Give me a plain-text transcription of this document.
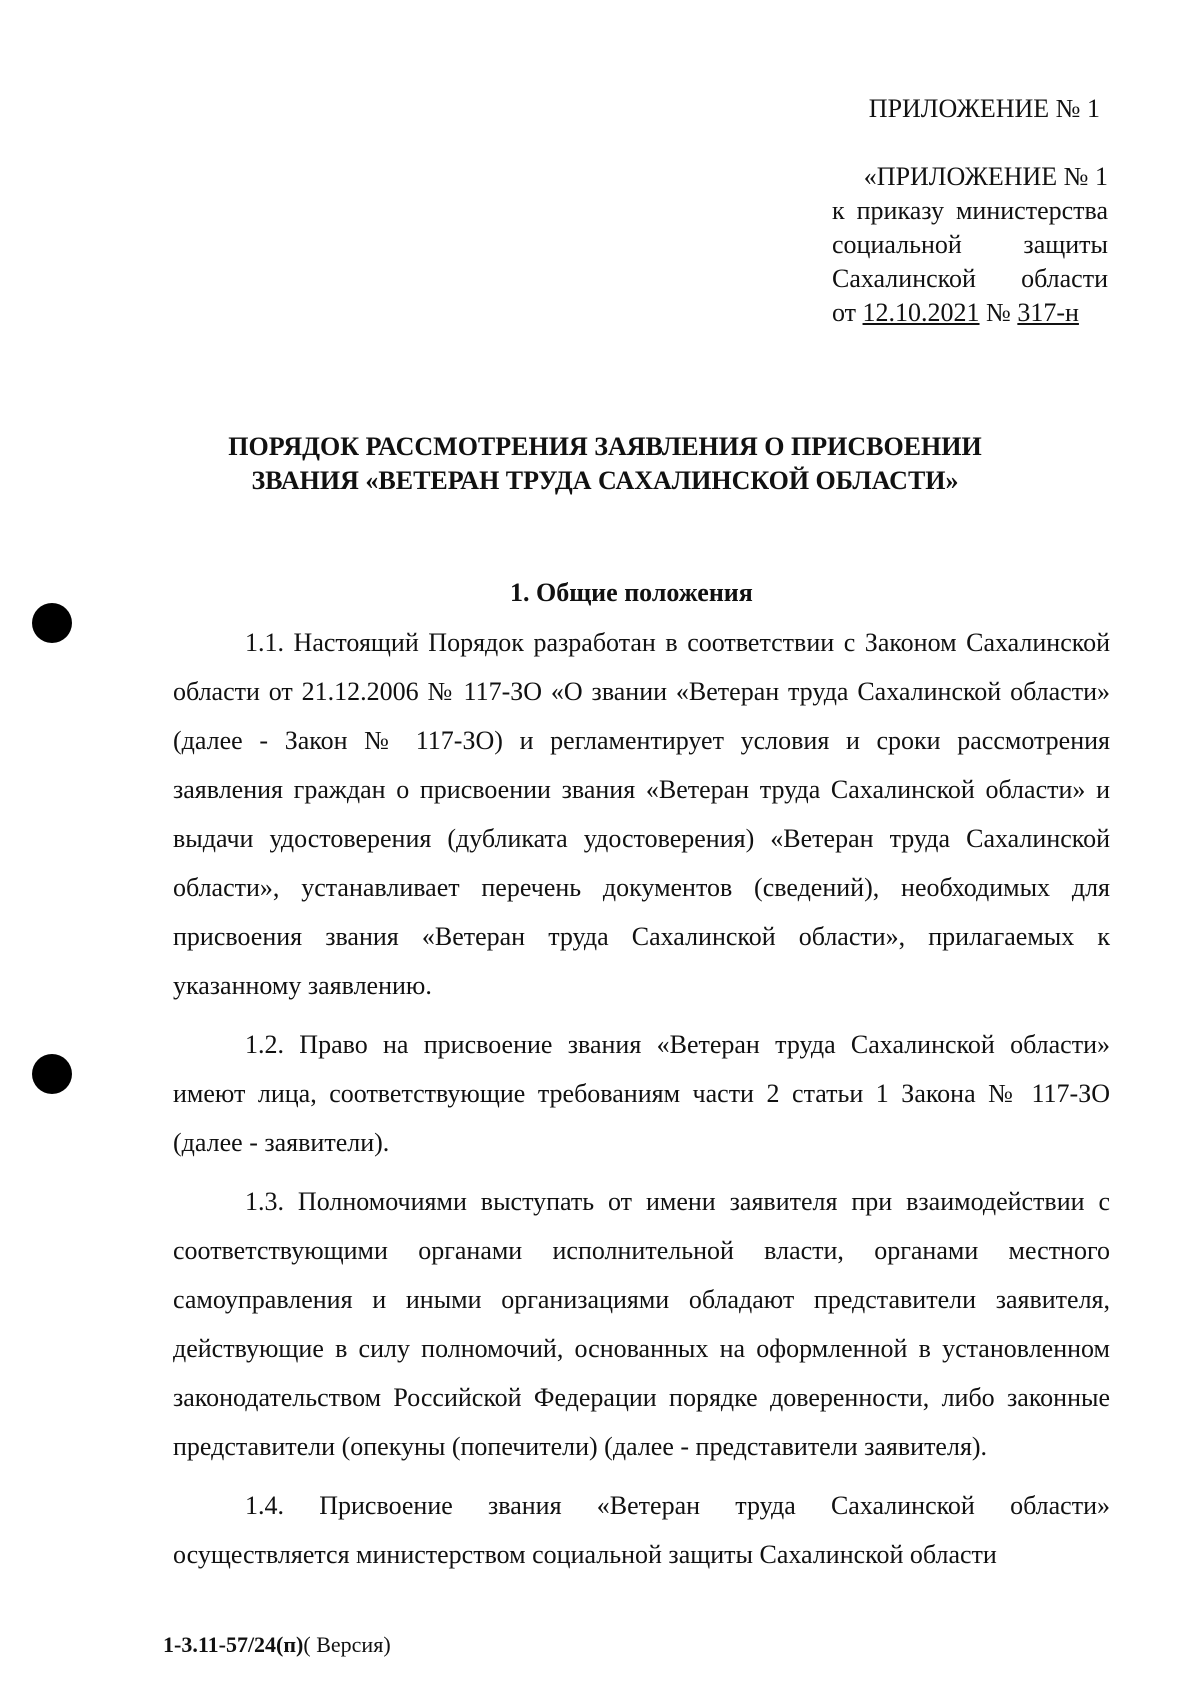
ПРИЛОЖЕНИЕ № 1
«ПРИЛОЖЕНИЕ № 1
к приказу министерства
социальной защиты
Сахалинской области
от 12.10.2021 № 317-н
ПОРЯДОК РАССМОТРЕНИЯ ЗАЯВЛЕНИЯ О ПРИСВОЕНИИ
ЗВАНИЯ «ВЕТЕРАН ТРУДА САХАЛИНСКОЙ ОБЛАСТИ»
1. Общие положения

1.1. Настоящий Порядок разработан в соответствии с Законом Сахалинской области от 21.12.2006 № 117-ЗО «О звании «Ветеран труда Сахалинской области» (далее - Закон № 117-ЗО) и регламентирует условия и сроки рассмотрения заявления граждан о присвоении звания «Ветеран труда Сахалинской области» и выдачи удостоверения (дубликата удостоверения) «Ветеран труда Сахалинской области», устанавливает перечень документов (сведений), необходимых для присвоения звания «Ветеран труда Сахалинской области», прилагаемых к указанному заявлению.

1.2. Право на присвоение звания «Ветеран труда Сахалинской области» имеют лица, соответствующие требованиям части 2 статьи 1 Закона № 117-ЗО (далее - заявители).

1.3. Полномочиями выступать от имени заявителя при взаимодействии с соответствующими органами исполнительной власти, органами местного самоуправления и иными организациями обладают представители заявителя, действующие в силу полномочий, основанных на оформленной в установленном законодательством Российской Федерации порядке доверенности, либо законные представители (опекуны (попечители) (далее - представители заявителя).

1.4. Присвоение звания «Ветеран труда Сахалинской области» осуществляется министерством социальной защиты Сахалинской области

1-3.11-57/24(п)( Версия)
